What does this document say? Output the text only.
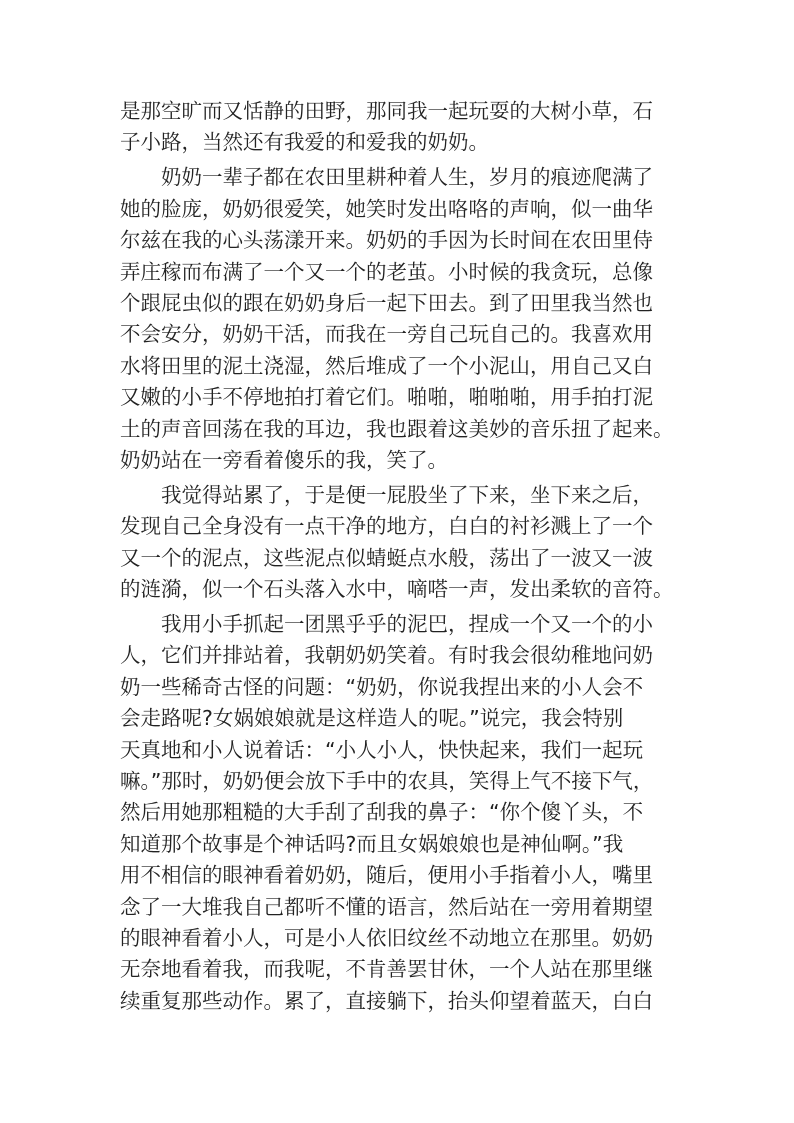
是那空旷而又恬静的田野，那同我一起玩耍的大树小草，石
子小路，当然还有我爱的和爱我的奶奶。
　　奶奶一辈子都在农田里耕种着人生，岁月的痕迹爬满了
她的脸庞，奶奶很爱笑，她笑时发出咯咯的声响，似一曲华
尔兹在我的心头荡漾开来。奶奶的手因为长时间在农田里侍
弄庄稼而布满了一个又一个的老茧。小时候的我贪玩，总像
个跟屁虫似的跟在奶奶身后一起下田去。到了田里我当然也
不会安分，奶奶干活，而我在一旁自己玩自己的。我喜欢用
水将田里的泥土浇湿，然后堆成了一个小泥山，用自己又白
又嫩的小手不停地拍打着它们。啪啪，啪啪啪，用手拍打泥
土的声音回荡在我的耳边，我也跟着这美妙的音乐扭了起来。
奶奶站在一旁看着傻乐的我，笑了。
　　我觉得站累了，于是便一屁股坐了下来，坐下来之后，
发现自己全身没有一点干净的地方，白白的衬衫溅上了一个
又一个的泥点，这些泥点似蜻蜓点水般，荡出了一波又一波
的涟漪，似一个石头落入水中，嘀嗒一声，发出柔软的音符。
　　我用小手抓起一团黑乎乎的泥巴，捏成一个又一个的小
人，它们并排站着，我朝奶奶笑着。有时我会很幼稚地问奶
奶一些稀奇古怪的问题：“奶奶，你说我捏出来的小人会不
会走路呢?女娲娘娘就是这样造人的呢。”说完，我会特别
天真地和小人说着话：“小人小人，快快起来，我们一起玩
嘛。”那时，奶奶便会放下手中的农具，笑得上气不接下气，
然后用她那粗糙的大手刮了刮我的鼻子：“你个傻丫头，不
知道那个故事是个神话吗?而且女娲娘娘也是神仙啊。”我
用不相信的眼神看着奶奶，随后，便用小手指着小人，嘴里
念了一大堆我自己都听不懂的语言，然后站在一旁用着期望
的眼神看着小人，可是小人依旧纹丝不动地立在那里。奶奶
无奈地看着我，而我呢，不肯善罢甘休，一个人站在那里继
续重复那些动作。累了，直接躺下，抬头仰望着蓝天，白白
